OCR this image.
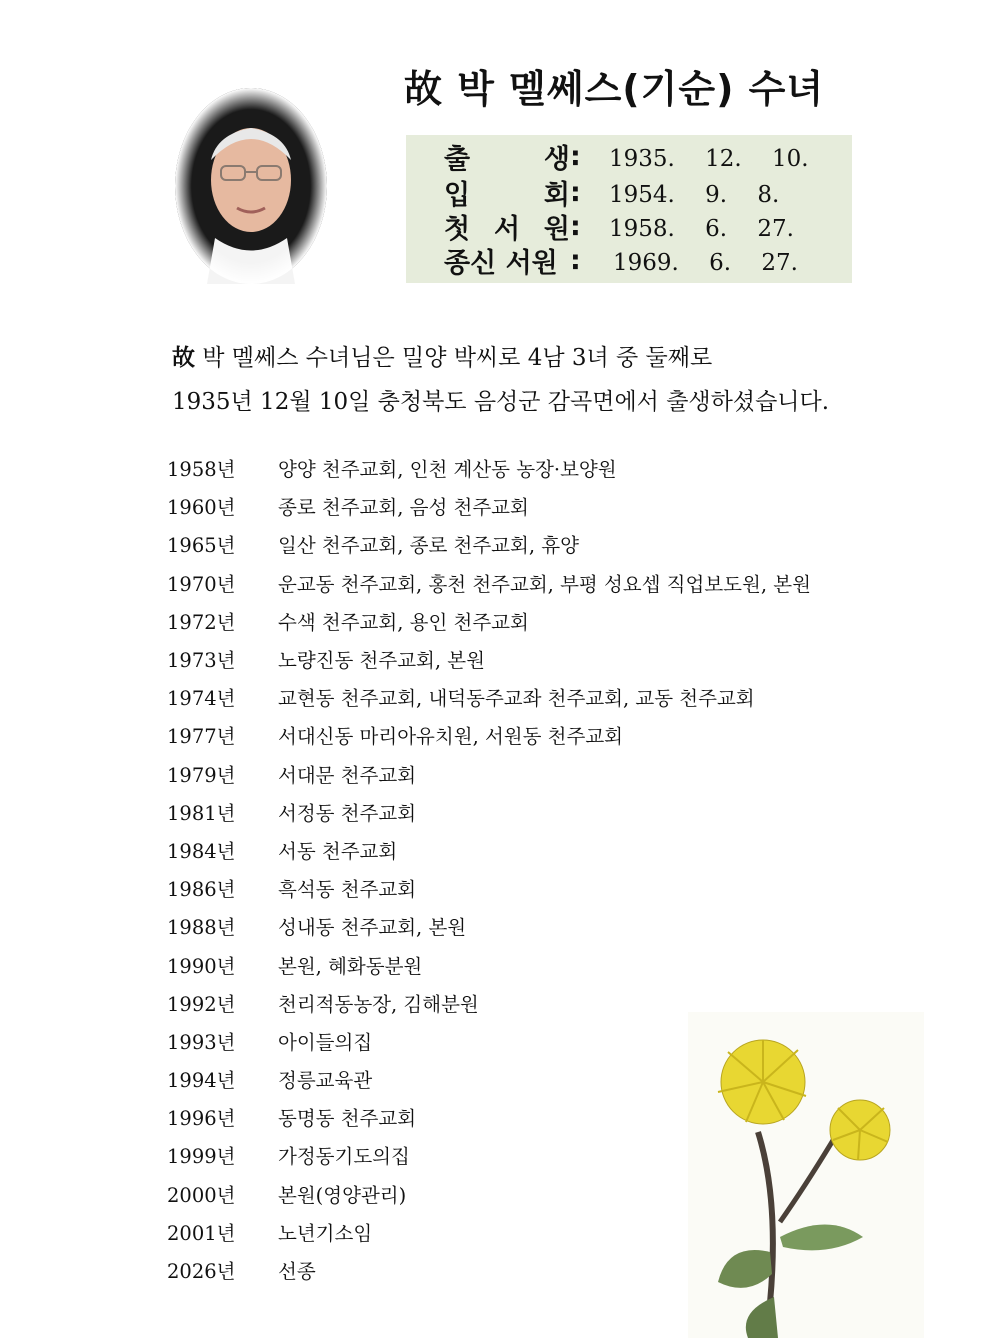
故 박 멜쎄스(기순) 수녀
출	생 : 1935.　 12.　 10.
입	회 : 1954.　 9.　 8.
첫 서 원 : 1958.　 6.　 27.
종신 서원 : 1969.　 6.　 27.
故 박 멜쎄스 수녀님은 밀양 박씨로 4남 3녀 중 둘째로
1935년 12월 10일 충청북도 음성군 감곡면에서 출생하셨습니다.
1958년	양양 천주교회, 인천 계산동 농장·보양원
1960년	종로 천주교회, 음성 천주교회
1965년	일산 천주교회, 종로 천주교회, 휴양
1970년	운교동 천주교회, 홍천 천주교회, 부평 성요셉 직업보도원, 본원
1972년	수색 천주교회, 용인 천주교회
1973년	노량진동 천주교회, 본원
1974년	교현동 천주교회, 내덕동주교좌 천주교회, 교동 천주교회
1977년	서대신동 마리아유치원, 서원동 천주교회
1979년	서대문 천주교회
1981년	서정동 천주교회
1984년	서동 천주교회
1986년	흑석동 천주교회
1988년	성내동 천주교회, 본원
1990년	본원, 혜화동분원
1992년	천리적동농장, 김해분원
1993년	아이들의집
1994년	정릉교육관
1996년	동명동 천주교회
1999년	가정동기도의집
2000년	본원(영양관리)
2001년	노년기소임
2026년	선종
